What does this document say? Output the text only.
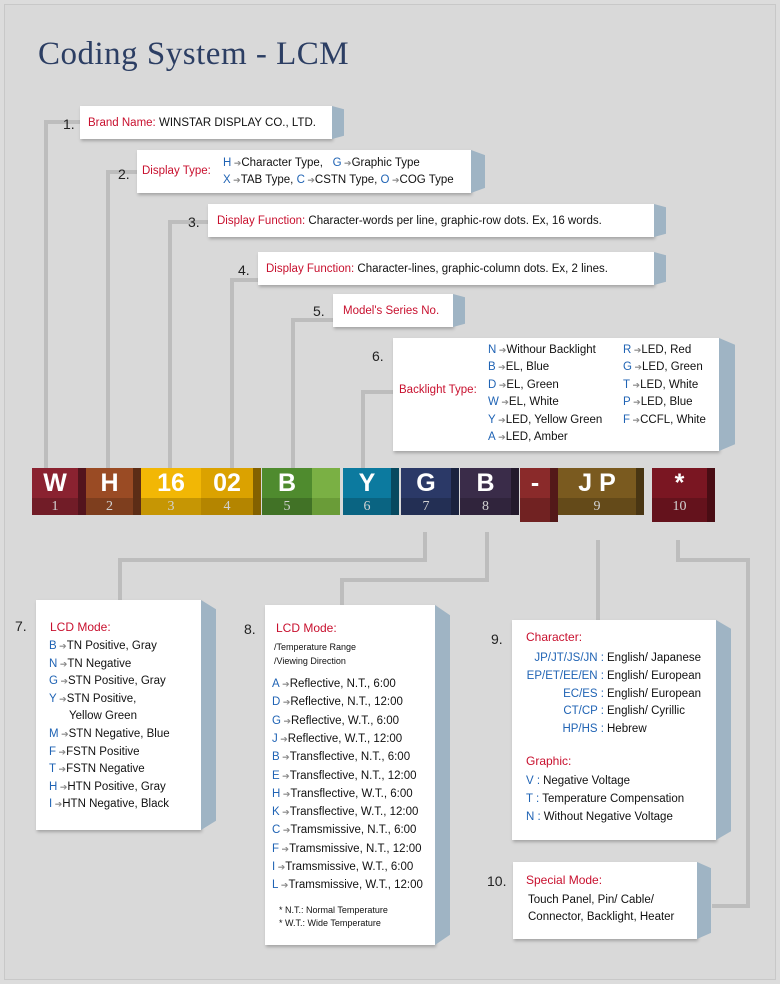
Coding System - LCM
1. Brand Name: WINSTAR DISPLAY CO., LTD.
2. Display Type:
H ➔Character Type, G ➔Graphic Type
X ➔TAB Type, C ➔CSTN Type, O ➔COG Type
3. Display Function: Character-words per line, graphic-row dots. Ex, 16 words.
4. Display Function: Character-lines, graphic-column dots. Ex, 2 lines.
5. Model's Series No.
6.
Backlight Type:
N ➔Withour Backlight
B ➔EL, Blue
D ➔EL, Green
W ➔EL, White
Y ➔LED, Yellow Green
A ➔LED, Amber
R ➔LED, Red
G ➔LED, Green
T ➔LED, White
P ➔LED, Blue
F ➔CCFL, White
W
1
H
2
16
3
02
4
B
5
Y
6
G
7
B
8
-	J P
9
*
10
7. LCD Mode:
B ➔TN Positive, Gray
N ➔TN Negative
G ➔STN Positive, Gray
Y ➔STN Positive,
Yellow Green
M ➔STN Negative, Blue
F ➔FSTN Positive
T ➔FSTN Negative
H ➔HTN Positive, Gray
I ➔HTN Negative, Black
8. LCD Mode:
/Temperature Range
/Viewing Direction
A ➔Reflective, N.T., 6:00
D ➔Reflective, N.T., 12:00
G ➔Reflective, W.T., 6:00
J ➔Reflective, W.T., 12:00
B ➔Transflective, N.T., 6:00
E ➔Transflective, N.T., 12:00
H ➔Transflective, W.T., 6:00
K ➔Transflective, W.T., 12:00
C ➔Tramsmissive, N.T., 6:00
F ➔Tramsmissive, N.T., 12:00
I ➔Tramsmissive, W.T., 6:00
L ➔Tramsmissive, W.T., 12:00
* N.T.: Normal Temperature
* W.T.: Wide Temperature
9. Character:
JP/JT/JS/JN : English/ Japanese
EP/ET/EE/EN : English/ European
EC/ES : English/ European
CT/CP : English/ Cyrillic
HP/HS : Hebrew
Graphic:
V : Negative Voltage
T : Temperature Compensation
N : Without Negative Voltage
10. Special Mode:
Touch Panel, Pin/ Cable/
Connector, Backlight, Heater
